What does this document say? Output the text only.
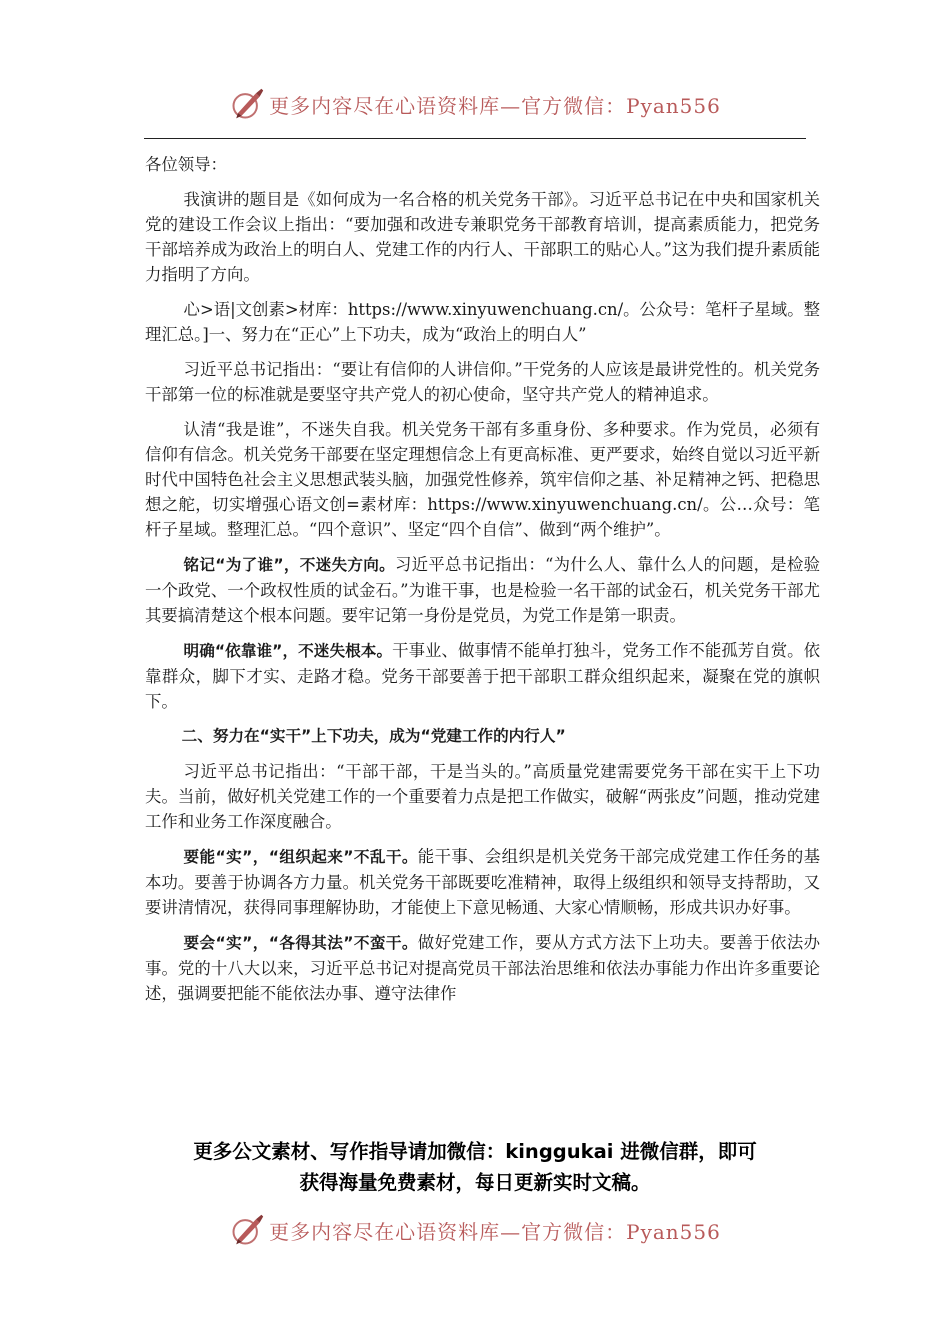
更多内容尽在心语资料库—官方微信：Pyan556

各位领导：

我演讲的题目是《如何成为一名合格的机关党务干部》。习近平总书记在中央和国家机关党的建设工作会议上指出：“要加强和改进专兼职党务干部教育培训，提高素质能力，把党务干部培养成为政治上的明白人、党建工作的内行人、干部职工的贴心人。”这为我们提升素质能力指明了方向。

心>语|文创素>材库：https://www.xinyuwenchuang.cn/。公众号：笔杆子星域。整理汇总。]一、努力在“正心”上下功夫，成为“政治上的明白人”

习近平总书记指出：“要让有信仰的人讲信仰。”干党务的人应该是最讲党性的。机关党务干部第一位的标准就是要坚守共产党人的初心使命，坚守共产党人的精神追求。

认清“我是谁”，不迷失自我。机关党务干部有多重身份、多种要求。作为党员，必须有信仰有信念。机关党务干部要在坚定理想信念上有更高标准、更严要求，始终自觉以习近平新时代中国特色社会主义思想武装头脑，加强党性修养，筑牢信仰之基、补足精神之钙、把稳思想之舵，切实增强心语文创=素材库：https://www.xinyuwenchuang.cn/。公…众号：笔杆子星域。整理汇总。“四个意识”、坚定“四个自信”、做到“两个维护”。

铭记“为了谁”，不迷失方向。习近平总书记指出：“为什么人、靠什么人的问题，是检验一个政党、一个政权性质的试金石。”为谁干事，也是检验一名干部的试金石，机关党务干部尤其要搞清楚这个根本问题。要牢记第一身份是党员，为党工作是第一职责。

明确“依靠谁”，不迷失根本。干事业、做事情不能单打独斗，党务工作不能孤芳自赏。依靠群众，脚下才实、走路才稳。党务干部要善于把干部职工群众组织起来，凝聚在党的旗帜下。

二、努力在“实干”上下功夫，成为“党建工作的内行人”

习近平总书记指出：“干部干部，干是当头的。”高质量党建需要党务干部在实干上下功夫。当前，做好机关党建工作的一个重要着力点是把工作做实，破解“两张皮”问题，推动党建工作和业务工作深度融合。

要能“实”，“组织起来”不乱干。能干事、会组织是机关党务干部完成党建工作任务的基本功。要善于协调各方力量。机关党务干部既要吃准精神，取得上级组织和领导支持帮助，又要讲清情况，获得同事理解协助，才能使上下意见畅通、大家心情顺畅，形成共识办好事。

要会“实”，“各得其法”不蛮干。做好党建工作，要从方式方法下上功夫。要善于依法办事。党的十八大以来，习近平总书记对提高党员干部法治思维和依法办事能力作出许多重要论述，强调要把能不能依法办事、遵守法律作

更多公文素材、写作指导请加微信：kinggukai 进微信群，即可
获得海量免费素材，每日更新实时文稿。
更多内容尽在心语资料库—官方微信：Pyan556
